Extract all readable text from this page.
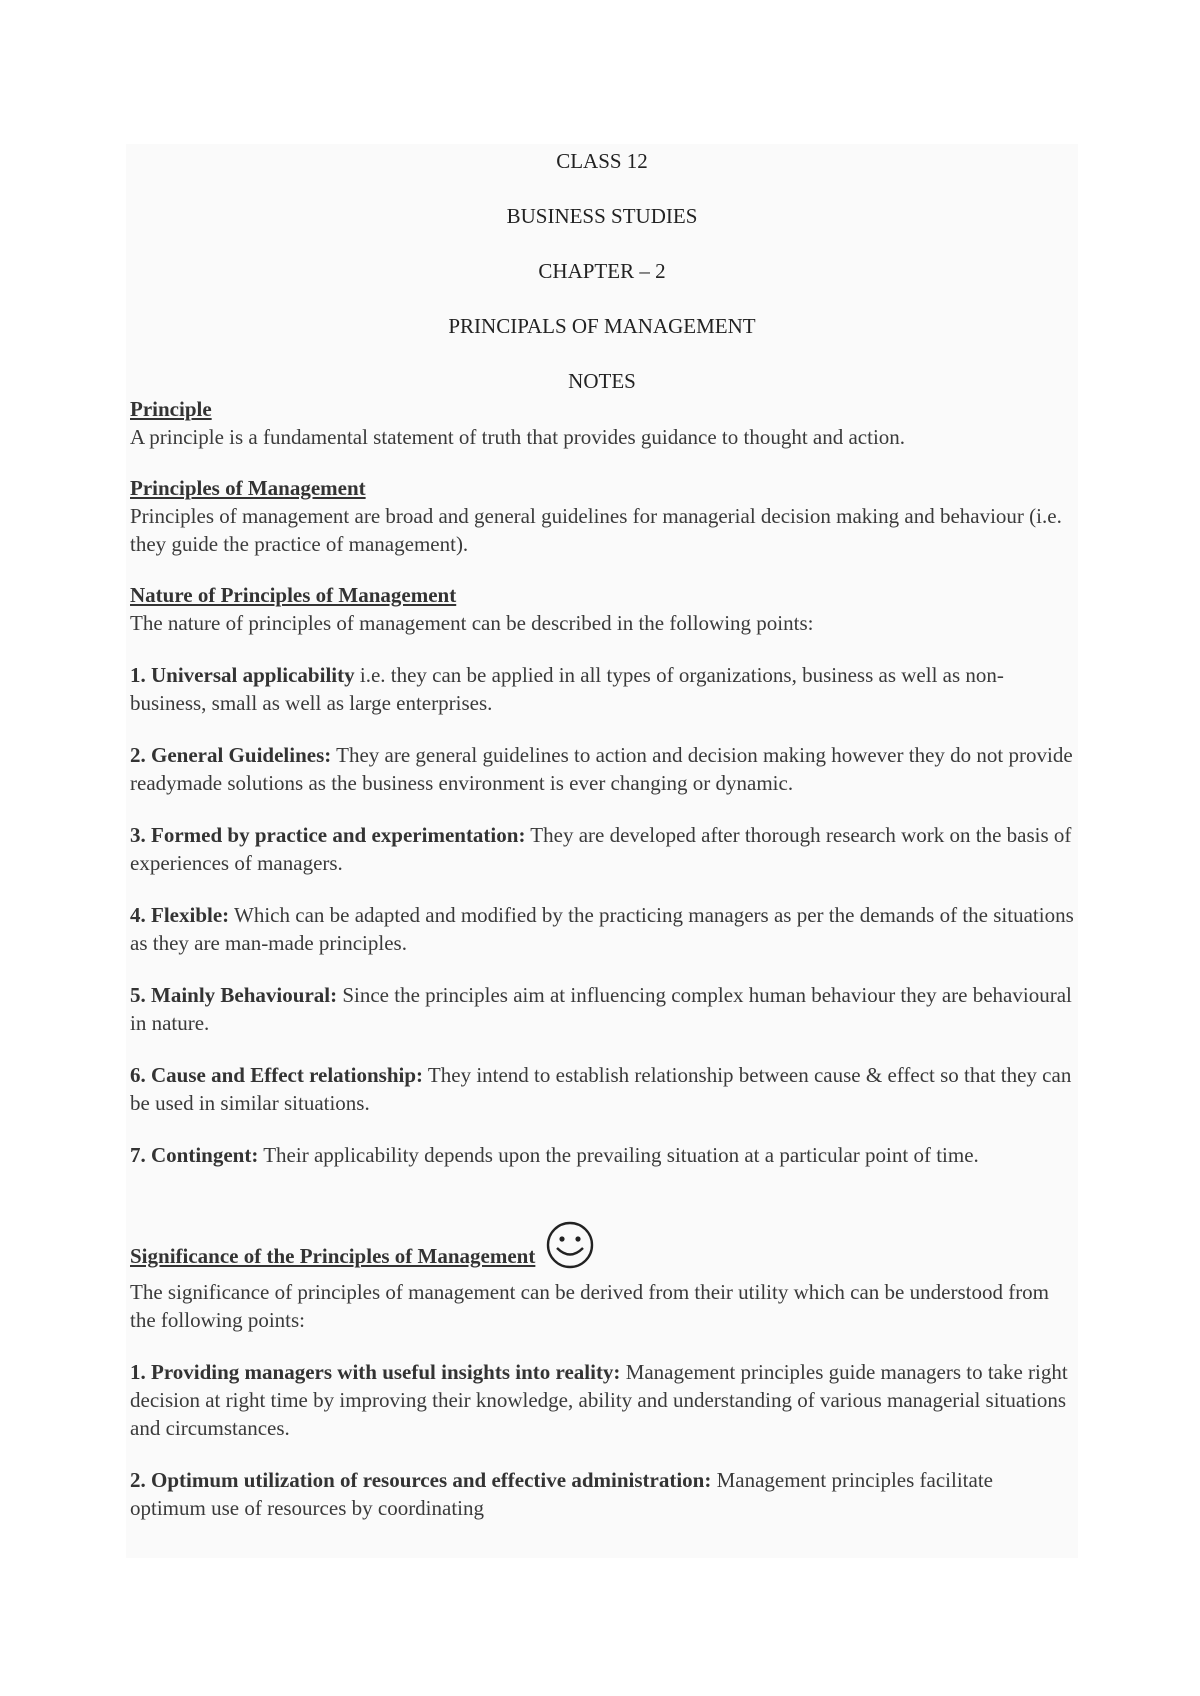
CLASS 12

BUSINESS STUDIES

CHAPTER – 2

PRINCIPALS OF MANAGEMENT

NOTES

Principle

A principle is a fundamental statement of truth that provides guidance to thought and action.

Principles of Management

Principles of management are broad and general guidelines for managerial decision making and behaviour (i.e. they guide the practice of management).

Nature of Principles of Management

The nature of principles of management can be described in the following points:

1. Universal applicability i.e. they can be applied in all types of organizations, business as well as non-business, small as well as large enterprises.

2. General Guidelines: They are general guidelines to action and decision making however they do not provide readymade solutions as the business environment is ever changing or dynamic.

3. Formed by practice and experimentation: They are developed after thorough research work on the basis of experiences of managers.

4. Flexible: Which can be adapted and modified by the practicing managers as per the demands of the situations as they are man-made principles.

5. Mainly Behavioural: Since the principles aim at influencing complex human behaviour they are behavioural in nature.

6. Cause and Effect relationship: They intend to establish relationship between cause & effect so that they can be used in similar situations.

7. Contingent: Their applicability depends upon the prevailing situation at a particular point of time.

Significance of the Principles of Management

The significance of principles of management can be derived from their utility which can be understood from the following points:

1. Providing managers with useful insights into reality: Management principles guide managers to take right decision at right time by improving their knowledge, ability and understanding of various managerial situations and circumstances.

2. Optimum utilization of resources and effective administration: Management principles facilitate optimum use of resources by coordinating
